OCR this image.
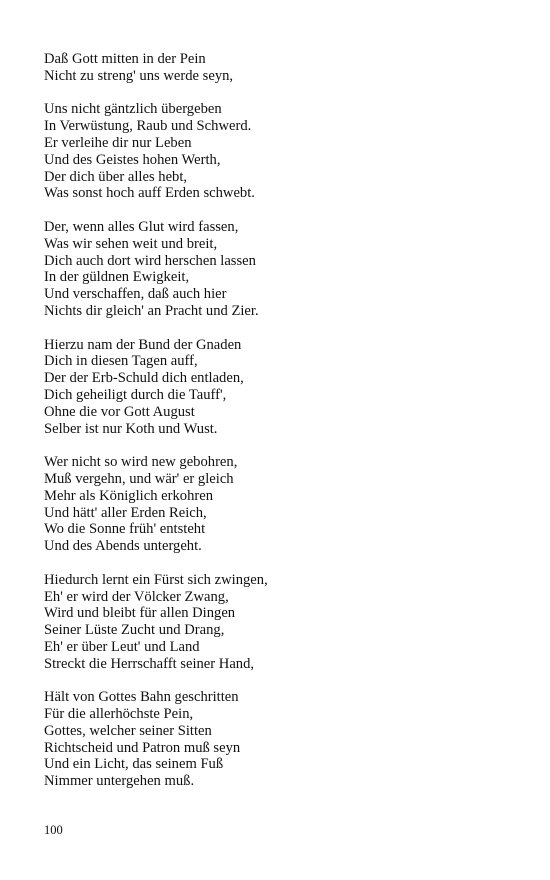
Daß Gott mitten in der Pein
Nicht zu streng' uns werde seyn,
Uns nicht gäntzlich übergeben
In Verwüstung, Raub und Schwerd.
Er verleihe dir nur Leben
Und des Geistes hohen Werth,
Der dich über alles hebt,
Was sonst hoch auff Erden schwebt.
Der, wenn alles Glut wird fassen,
Was wir sehen weit und breit,
Dich auch dort wird herschen lassen
In der güldnen Ewigkeit,
Und verschaffen, daß auch hier
Nichts dir gleich' an Pracht und Zier.
Hierzu nam der Bund der Gnaden
Dich in diesen Tagen auff,
Der der Erb-Schuld dich entladen,
Dich geheiligt durch die Tauff',
Ohne die vor Gott August
Selber ist nur Koth und Wust.
Wer nicht so wird new gebohren,
Muß vergehn, und wär' er gleich
Mehr als Königlich erkohren
Und hätt' aller Erden Reich,
Wo die Sonne früh' entsteht
Und des Abends untergeht.
Hiedurch lernt ein Fürst sich zwingen,
Eh' er wird der Völcker Zwang,
Wird und bleibt für allen Dingen
Seiner Lüste Zucht und Drang,
Eh' er über Leut' und Land
Streckt die Herrschafft seiner Hand,
Hält von Gottes Bahn geschritten
Für die allerhöchste Pein,
Gottes, welcher seiner Sitten
Richtscheid und Patron muß seyn
Und ein Licht, das seinem Fuß
Nimmer untergehen muß.
100
